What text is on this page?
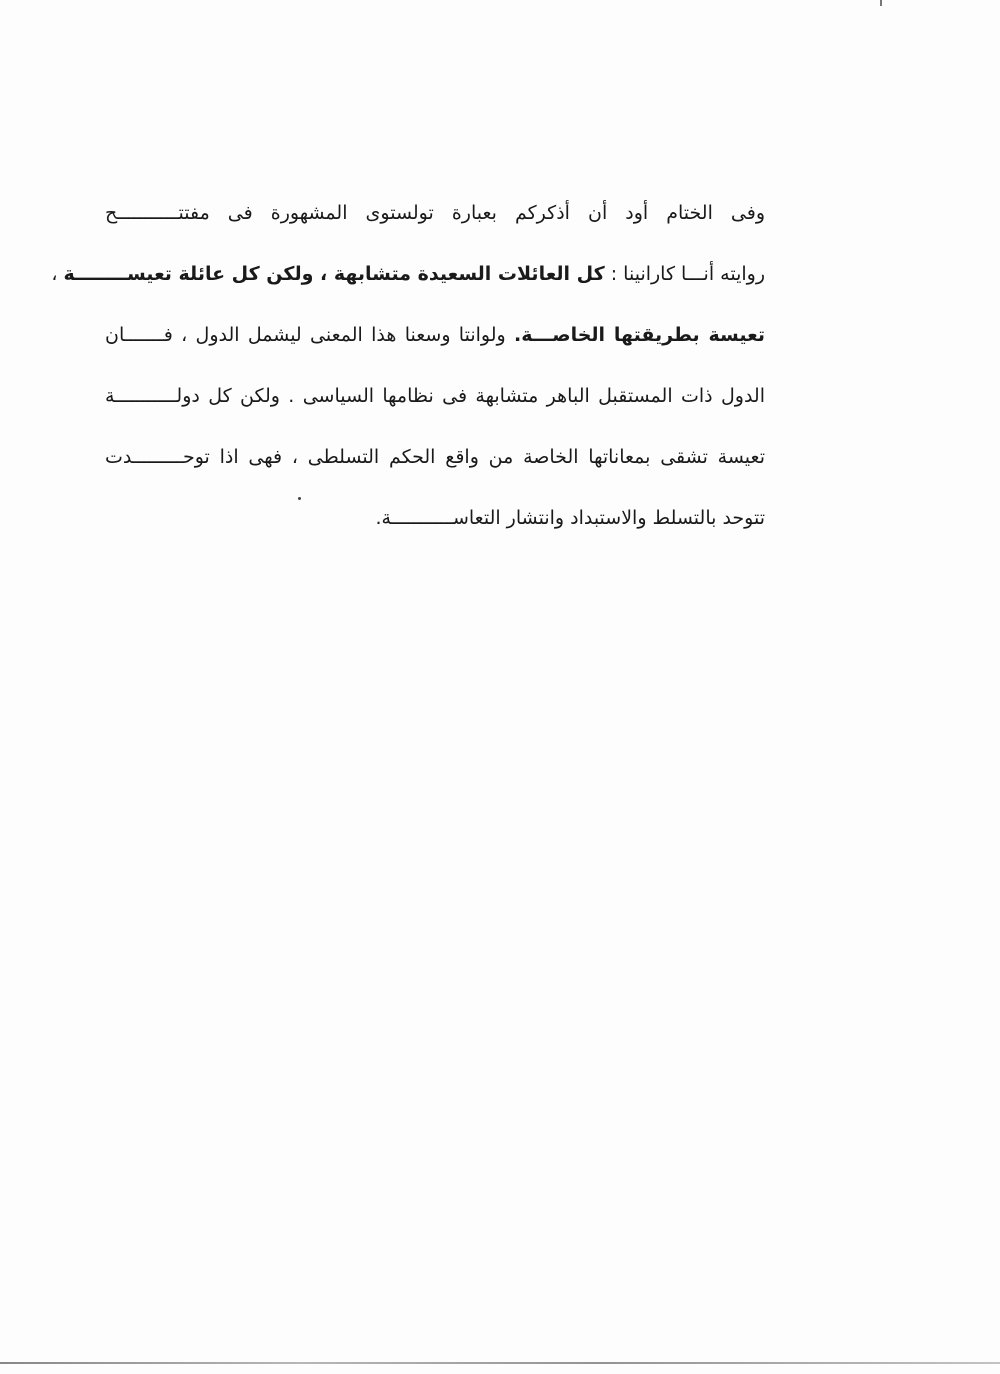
وفى الختام أود أن أذكركم بعبارة تولستوى المشهورة فى مفتتـــــــــــح
روايته أنـــا كارانينا : كل العائلات السعيدة متشابهة ، ولكن كل عائلة تعيســــــــة ،
تعيسة بطريقتها الخاصـــة. ولوانتا وسعنا هذا المعنى ليشمل الدول ، فـــــــان
الدول ذات المستقبل الباهر متشابهة فى نظامها السياسى . ولكن كل دولـــــــــــة
تعيسة تشقى بمعاناتها الخاصة من واقع الحكم التسلطى ، فهى اذا توحـــــــــدت
تتوحد بالتسلط والاستبداد وانتشار التعاســـــــــــة.
